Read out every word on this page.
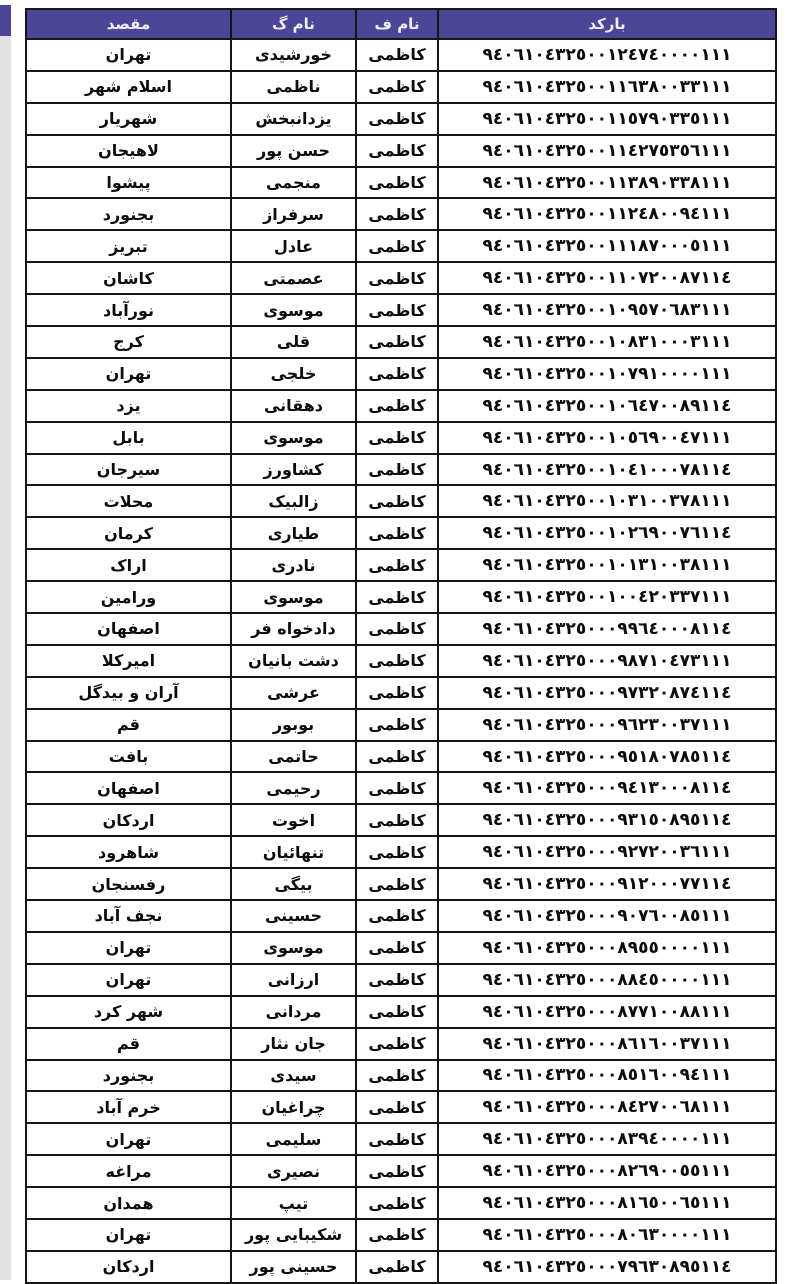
بارکد	نام ف	نام گ	مقصد
٩٤٠٦١٠٤٣٢٥٠٠١٢٤٧٤٠٠٠٠١١١	کاظمی	خورشیدی	تهران
٩٤٠٦١٠٤٣٢٥٠٠١١٦٣٨٠٠٣٣١١١	کاظمی	ناظمی	اسلام شهر
٩٤٠٦١٠٤٣٢٥٠٠١١٥٧٩٠٣٣٥١١١	کاظمی	یزدانبخش	شهریار
٩٤٠٦١٠٤٣٢٥٠٠١١٤٢٧٥٣٥٦١١١	کاظمی	حسن پور	لاهیجان
٩٤٠٦١٠٤٣٢٥٠٠١١٣٨٩٠٣٣٨١١١	کاظمی	منجمی	پیشوا
٩٤٠٦١٠٤٣٢٥٠٠١١٢٤٨٠٠٩٤١١١	کاظمی	سرفراز	بجنورد
٩٤٠٦١٠٤٣٢٥٠٠١١١٨٧٠٠٠٥١١١	کاظمی	عادل	تبریز
٩٤٠٦١٠٤٣٢٥٠٠١١٠٧٢٠٠٨٧١١٤	کاظمی	عصمتی	کاشان
٩٤٠٦١٠٤٣٢٥٠٠١٠٩٥٧٠٦٨٣١١١	کاظمی	موسوی	نورآباد
٩٤٠٦١٠٤٣٢٥٠٠١٠٨٣١٠٠٠٣١١١	کاظمی	قلی	کرج
٩٤٠٦١٠٤٣٢٥٠٠١٠٧٩١٠٠٠٠١١١	کاظمی	خلجی	تهران
٩٤٠٦١٠٤٣٢٥٠٠١٠٦٤٧٠٠٨٩١١٤	کاظمی	دهقانی	یزد
٩٤٠٦١٠٤٣٢٥٠٠١٠٥٦٩٠٠٤٧١١١	کاظمی	موسوی	بابل
٩٤٠٦١٠٤٣٢٥٠٠١٠٤١٠٠٠٧٨١١٤	کاظمی	کشاورز	سیرجان
٩٤٠٦١٠٤٣٢٥٠٠١٠٣١٠٠٣٧٨١١١	کاظمی	زالبیک	محلات
٩٤٠٦١٠٤٣٢٥٠٠١٠٢٦٩٠٠٧٦١١٤	کاظمی	طیاری	کرمان
٩٤٠٦١٠٤٣٢٥٠٠١٠١٣١٠٠٣٨١١١	کاظمی	نادری	اراک
٩٤٠٦١٠٤٣٢٥٠٠١٠٠٤٢٠٣٣٧١١١	کاظمی	موسوی	ورامین
٩٤٠٦١٠٤٣٢٥٠٠٠٩٩٦٤٠٠٠٨١١٤	کاظمی	دادخواه فر	اصفهان
٩٤٠٦١٠٤٣٢٥٠٠٠٩٨٧١٠٤٧٣١١١	کاظمی	دشت بانیان	امیرکلا
٩٤٠٦١٠٤٣٢٥٠٠٠٩٧٣٢٠٨٧٤١١٤	کاظمی	عرشی	آران و بیدگل
٩٤٠٦١٠٤٣٢٥٠٠٠٩٦٢٣٠٠٣٧١١١	کاظمی	بوبور	قم
٩٤٠٦١٠٤٣٢٥٠٠٠٩٥١٨٠٧٨٥١١٤	کاظمی	حاتمی	بافت
٩٤٠٦١٠٤٣٢٥٠٠٠٩٤١٣٠٠٠٨١١٤	کاظمی	رحیمی	اصفهان
٩٤٠٦١٠٤٣٢٥٠٠٠٩٣١٥٠٨٩٥١١٤	کاظمی	اخوت	اردکان
٩٤٠٦١٠٤٣٢٥٠٠٠٩٢٧٢٠٠٣٦١١١	کاظمی	تنهائیان	شاهرود
٩٤٠٦١٠٤٣٢٥٠٠٠٩١٢٠٠٠٧٧١١٤	کاظمی	بیگی	رفسنجان
٩٤٠٦١٠٤٣٢٥٠٠٠٩٠٧٦٠٠٨٥١١١	کاظمی	حسینی	نجف آباد
٩٤٠٦١٠٤٣٢٥٠٠٠٨٩٥٥٠٠٠٠١١١	کاظمی	موسوی	تهران
٩٤٠٦١٠٤٣٢٥٠٠٠٨٨٤٥٠٠٠٠١١١	کاظمی	ارزانی	تهران
٩٤٠٦١٠٤٣٢٥٠٠٠٨٧٧١٠٠٨٨١١١	کاظمی	مردانی	شهر کرد
٩٤٠٦١٠٤٣٢٥٠٠٠٨٦١٦٠٠٣٧١١١	کاظمی	جان نثار	قم
٩٤٠٦١٠٤٣٢٥٠٠٠٨٥١٦٠٠٩٤١١١	کاظمی	سیدی	بجنورد
٩٤٠٦١٠٤٣٢٥٠٠٠٨٤٢٧٠٠٦٨١١١	کاظمی	چراغیان	خرم آباد
٩٤٠٦١٠٤٣٢٥٠٠٠٨٣٩٤٠٠٠٠١١١	کاظمی	سلیمی	تهران
٩٤٠٦١٠٤٣٢٥٠٠٠٨٢٦٩٠٠٥٥١١١	کاظمی	نصیری	مراغه
٩٤٠٦١٠٤٣٢٥٠٠٠٨١٦٥٠٠٦٥١١١	کاظمی	تیپ	همدان
٩٤٠٦١٠٤٣٢٥٠٠٠٨٠٦٣٠٠٠٠١١١	کاظمی	شکیبایی پور	تهران
٩٤٠٦١٠٤٣٢٥٠٠٠٧٩٦٣٠٨٩٥١١٤	کاظمی	حسینی پور	اردکان
